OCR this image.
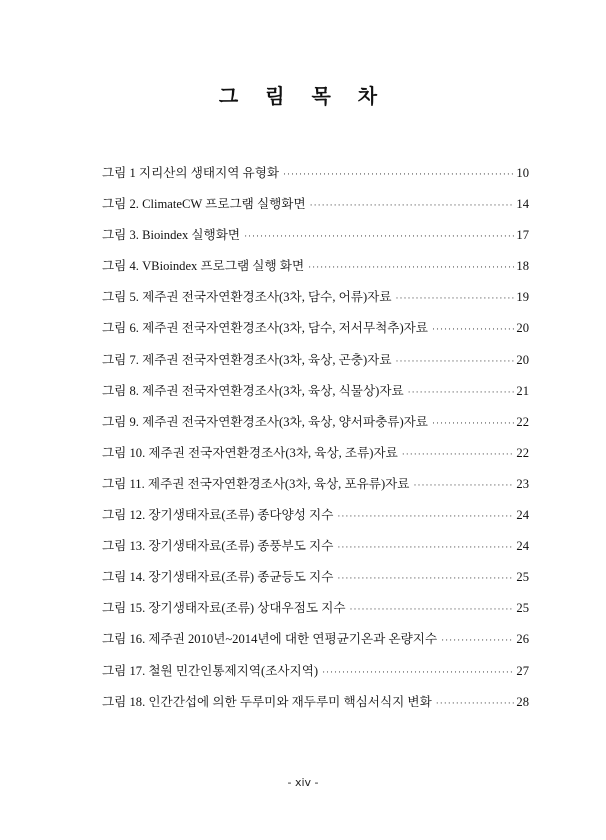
그 림 목 차
그림 1 지리산의 생태지역 유형화 ·····	10
그림 2. ClimateCW 프로그램 실행화면 ·····	14
그림 3. Bioindex 실행화면 ·····	17
그림 4. VBioindex 프로그램 실행 화면 ·····	18
그림 5. 제주권 전국자연환경조사(3차, 담수, 어류)자료 ·····	19
그림 6. 제주권 전국자연환경조사(3차, 담수, 저서무척추)자료 ·····	20
그림 7. 제주권 전국자연환경조사(3차, 육상, 곤충)자료 ·····	20
그림 8. 제주권 전국자연환경조사(3차, 육상, 식물상)자료 ·····	21
그림 9. 제주권 전국자연환경조사(3차, 육상, 양서파충류)자료 ·····	22
그림 10. 제주권 전국자연환경조사(3차, 육상, 조류)자료 ·····	22
그림 11. 제주권 전국자연환경조사(3차, 육상, 포유류)자료 ·····	23
그림 12. 장기생태자료(조류) 종다양성 지수 ·····	24
그림 13. 장기생태자료(조류) 종풍부도 지수 ·····	24
그림 14. 장기생태자료(조류) 종균등도 지수 ·····	25
그림 15. 장기생태자료(조류) 상대우점도 지수 ·····	25
그림 16. 제주권 2010년~2014년에 대한 연평균기온과 온량지수 ·····	26
그림 17. 철원 민간인통제지역(조사지역) ·····	27
그림 18. 인간간섭에 의한 두루미와 재두루미 핵심서식지 변화 ·····	28
- xiv -
